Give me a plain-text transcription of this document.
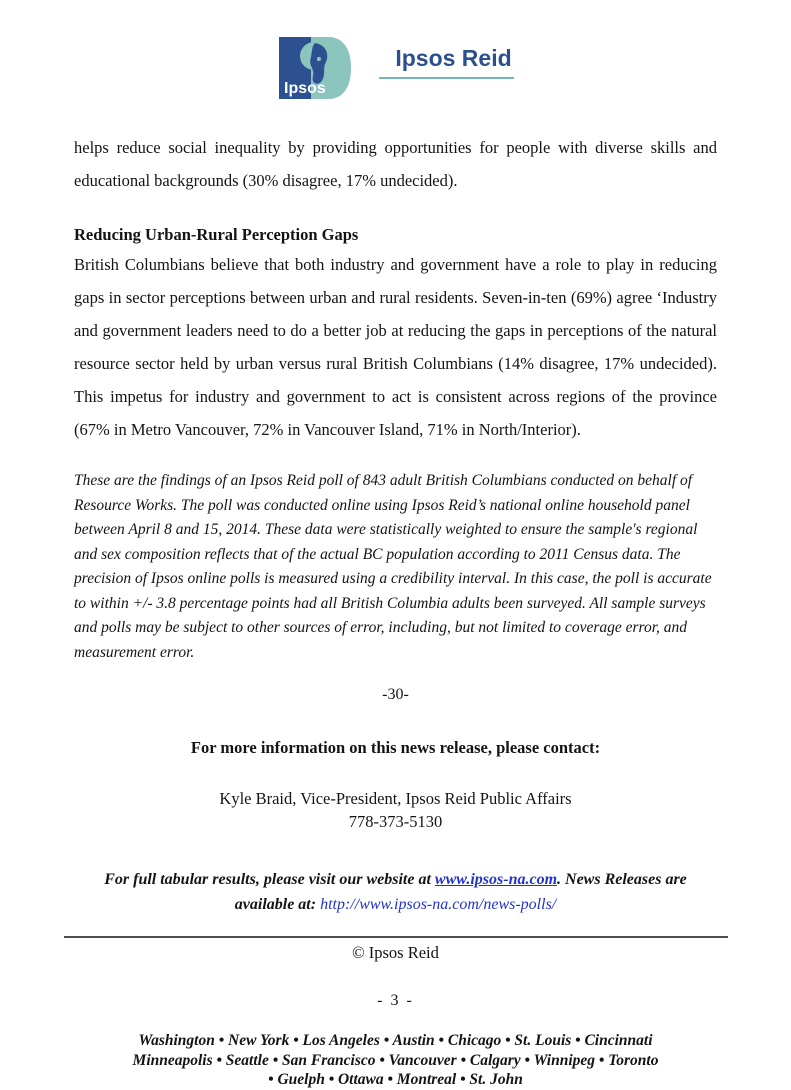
Ipsos
Ipsos Reid

helps reduce social inequality by providing opportunities for people with diverse skills and educational backgrounds (30% disagree, 17% undecided).

Reducing Urban-Rural Perception Gaps

British Columbians believe that both industry and government have a role to play in reducing gaps in sector perceptions between urban and rural residents. Seven-in-ten (69%) agree ‘Industry and government leaders need to do a better job at reducing the gaps in perceptions of the natural resource sector held by urban versus rural British Columbians (14% disagree, 17% undecided). This impetus for industry and government to act is consistent across regions of the province (67% in Metro Vancouver, 72% in Vancouver Island, 71% in North/Interior).

These are the findings of an Ipsos Reid poll of 843 adult British Columbians conducted on behalf of Resource Works. The poll was conducted online using Ipsos Reid’s national online household panel between April 8 and 15, 2014. These data were statistically weighted to ensure the sample's regional and sex composition reflects that of the actual BC population according to 2011 Census data. The precision of Ipsos online polls is measured using a credibility interval. In this case, the poll is accurate to within +/- 3.8 percentage points had all British Columbia adults been surveyed. All sample surveys and polls may be subject to other sources of error, including, but not limited to coverage error, and measurement error.

-30-

For more information on this news release, please contact:

Kyle Braid, Vice-President, Ipsos Reid Public Affairs
778-373-5130

For full tabular results, please visit our website at www.ipsos-na.com. News Releases are available at: http://www.ipsos-na.com/news-polls/

© Ipsos Reid

- 3 -

Washington • New York • Los Angeles • Austin • Chicago • St. Louis • Cincinnati
Minneapolis • Seattle • San Francisco • Vancouver • Calgary • Winnipeg • Toronto
• Guelph • Ottawa • Montreal • St. John
